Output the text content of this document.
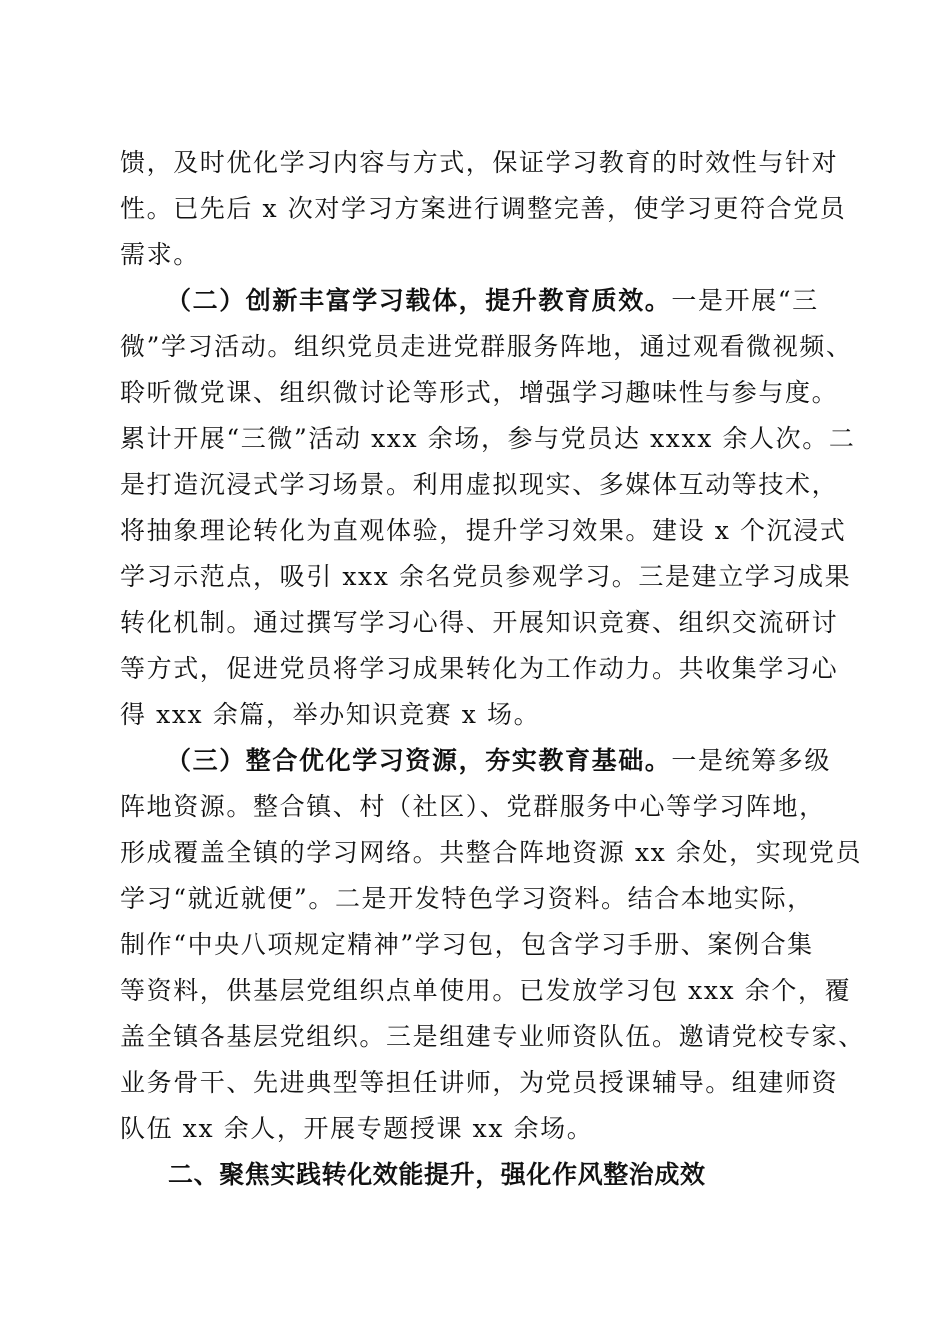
馈，及时优化学习内容与方式，保证学习教育的时效性与针对
性。已先后 x 次对学习方案进行调整完善，使学习更符合党员
需求。
（二）创新丰富学习载体，提升教育质效。一是开展“三
微”学习活动。组织党员走进党群服务阵地，通过观看微视频、
聆听微党课、组织微讨论等形式，增强学习趣味性与参与度。
累计开展“三微”活动 xxx 余场，参与党员达 xxxx 余人次。二
是打造沉浸式学习场景。利用虚拟现实、多媒体互动等技术，
将抽象理论转化为直观体验，提升学习效果。建设 x 个沉浸式
学习示范点，吸引 xxx 余名党员参观学习。三是建立学习成果
转化机制。通过撰写学习心得、开展知识竞赛、组织交流研讨
等方式，促进党员将学习成果转化为工作动力。共收集学习心
得 xxx 余篇，举办知识竞赛 x 场。
（三）整合优化学习资源，夯实教育基础。一是统筹多级
阵地资源。整合镇、村（社区）、党群服务中心等学习阵地，
形成覆盖全镇的学习网络。共整合阵地资源 xx 余处，实现党员
学习“就近就便”。二是开发特色学习资料。结合本地实际，
制作“中央八项规定精神”学习包，包含学习手册、案例合集
等资料，供基层党组织点单使用。已发放学习包 xxx 余个，覆
盖全镇各基层党组织。三是组建专业师资队伍。邀请党校专家、
业务骨干、先进典型等担任讲师，为党员授课辅导。组建师资
队伍 xx 余人，开展专题授课 xx 余场。
二、聚焦实践转化效能提升，强化作风整治成效
